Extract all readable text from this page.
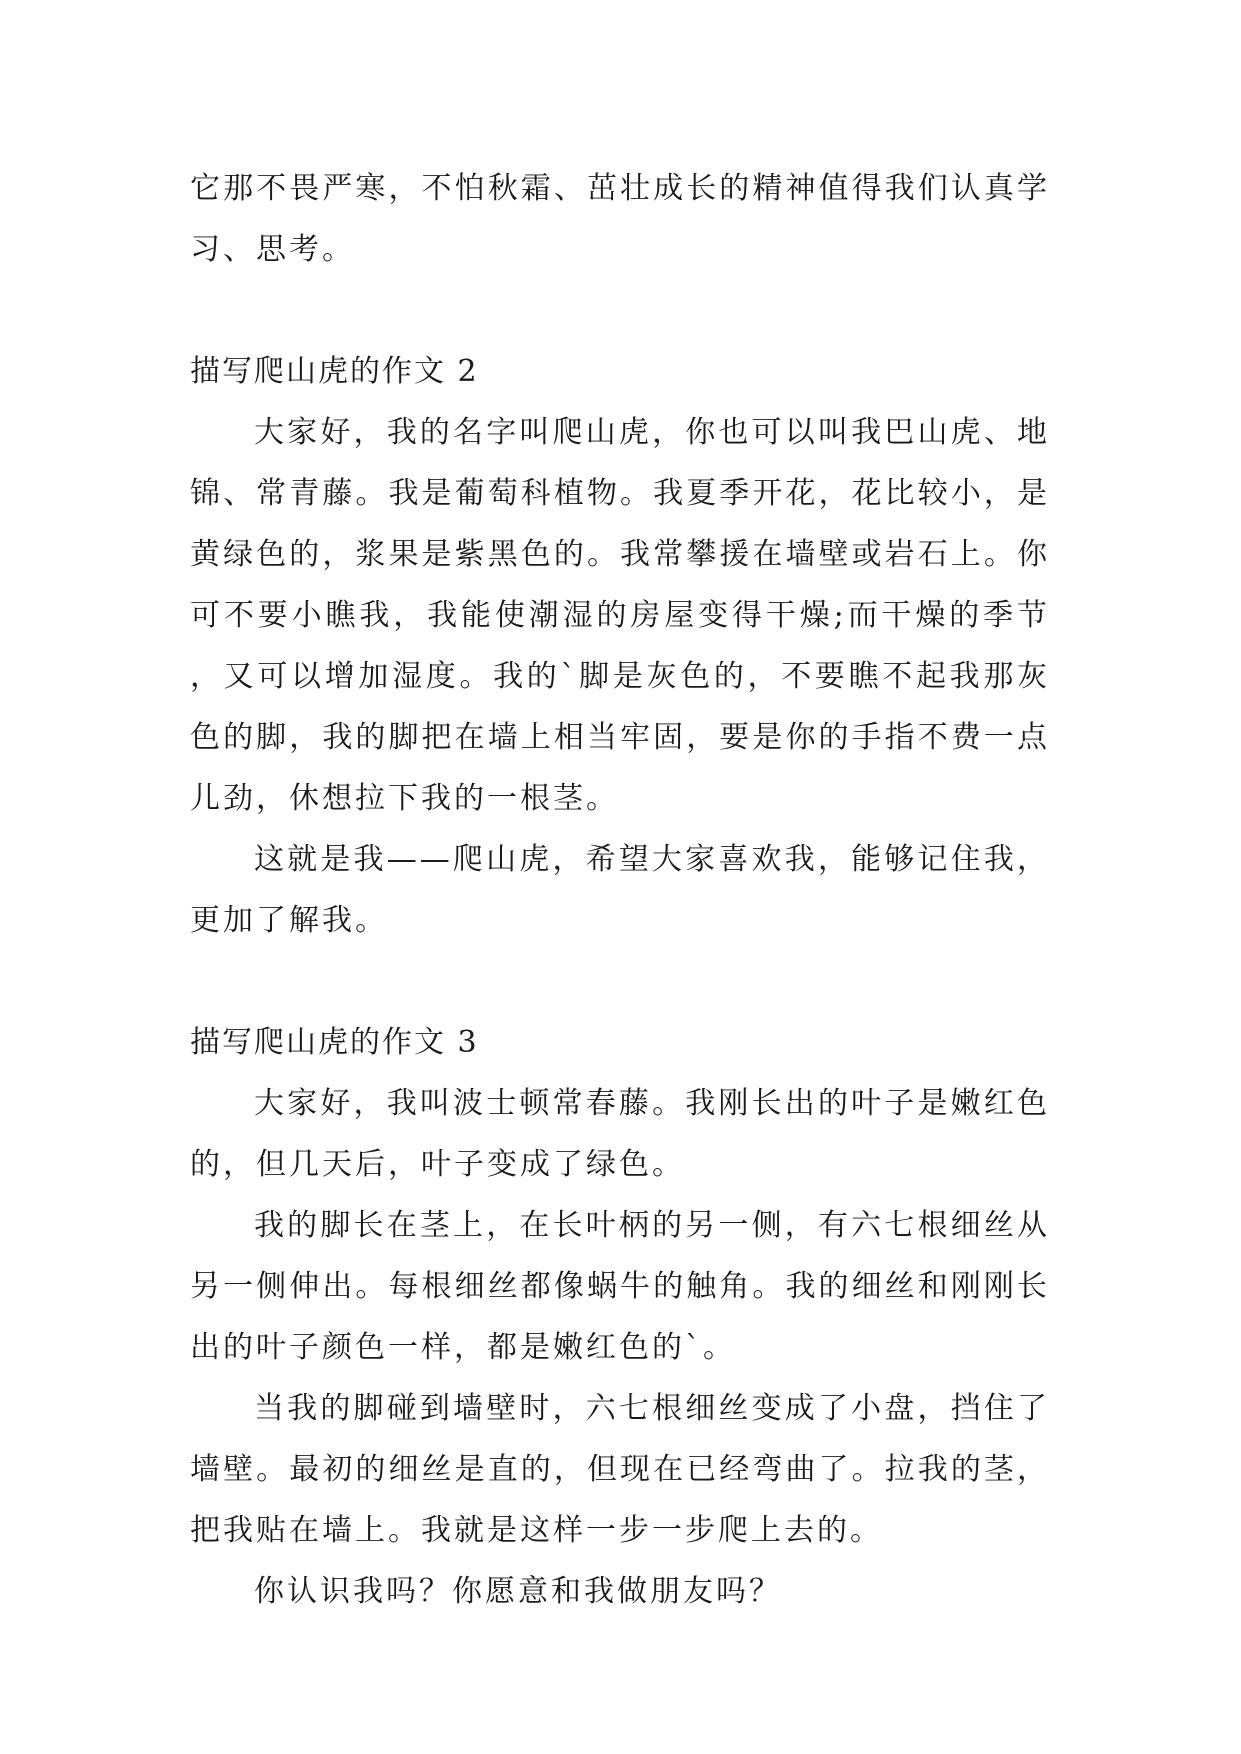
它那不畏严寒，不怕秋霜、茁壮成长的精神值得我们认真学习、思考。

描写爬山虎的作文 2

大家好，我的名字叫爬山虎，你也可以叫我巴山虎、地锦、常青藤。我是葡萄科植物。我夏季开花，花比较小，是黄绿色的，浆果是紫黑色的。我常攀援在墙壁或岩石上。你可不要小瞧我，我能使潮湿的房屋变得干燥;而干燥的季节，又可以增加湿度。我的`脚是灰色的，不要瞧不起我那灰色的脚，我的脚把在墙上相当牢固，要是你的手指不费一点儿劲，休想拉下我的一根茎。

这就是我——爬山虎，希望大家喜欢我，能够记住我，更加了解我。

描写爬山虎的作文 3

大家好，我叫波士顿常春藤。我刚长出的叶子是嫩红色的，但几天后，叶子变成了绿色。

我的脚长在茎上，在长叶柄的另一侧，有六七根细丝从另一侧伸出。每根细丝都像蜗牛的触角。我的细丝和刚刚长出的叶子颜色一样，都是嫩红色的`。

当我的脚碰到墙壁时，六七根细丝变成了小盘，挡住了墙壁。最初的细丝是直的，但现在已经弯曲了。拉我的茎，把我贴在墙上。我就是这样一步一步爬上去的。

你认识我吗？你愿意和我做朋友吗？
